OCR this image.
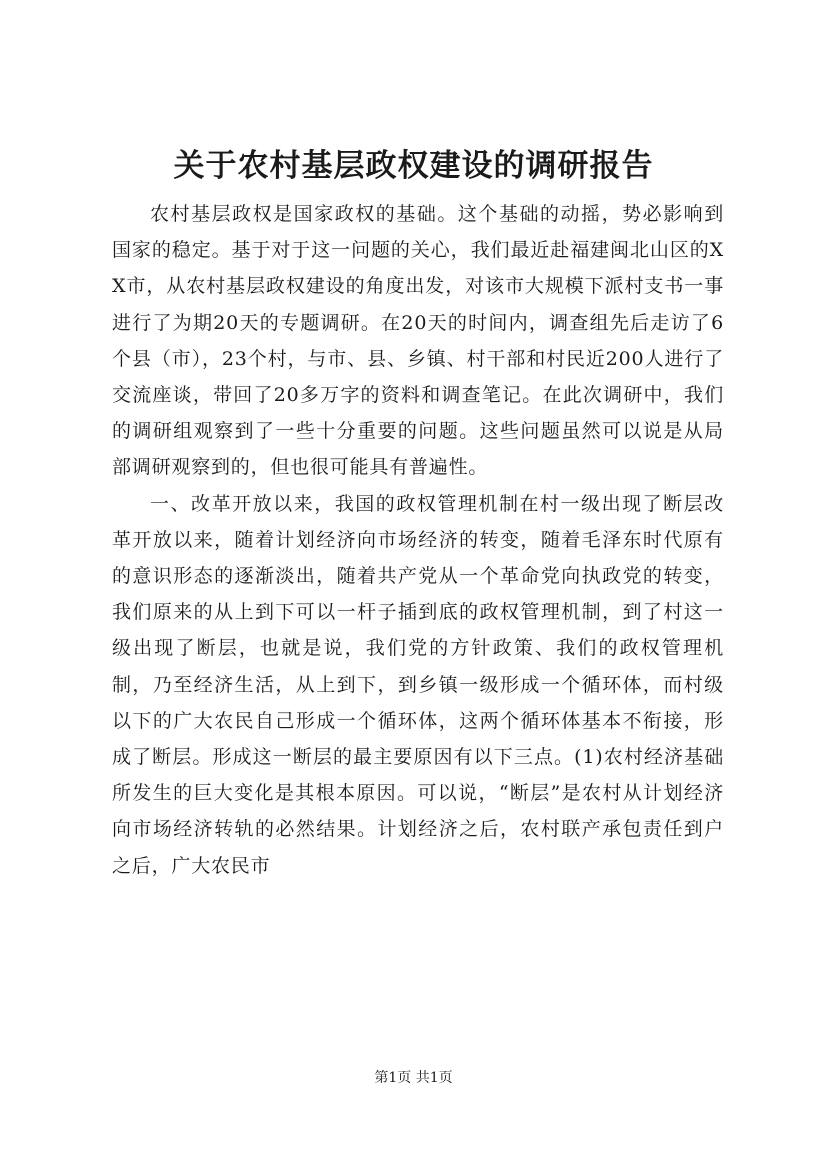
关于农村基层政权建设的调研报告

农村基层政权是国家政权的基础。这个基础的动摇，势必影响到国家的稳定。基于对于这一问题的关心，我们最近赴福建闽北山区的XX市，从农村基层政权建设的角度出发，对该市大规模下派村支书一事进行了为期20天的专题调研。在20天的时间内，调查组先后走访了6个县（市），23个村，与市、县、乡镇、村干部和村民近200人进行了交流座谈，带回了20多万字的资料和调查笔记。在此次调研中，我们的调研组观察到了一些十分重要的问题。这些问题虽然可以说是从局部调研观察到的，但也很可能具有普遍性。

一、改革开放以来，我国的政权管理机制在村一级出现了断层改革开放以来，随着计划经济向市场经济的转变，随着毛泽东时代原有的意识形态的逐渐淡出，随着共产党从一个革命党向执政党的转变，我们原来的从上到下可以一杆子插到底的政权管理机制，到了村这一级出现了断层，也就是说，我们党的方针政策、我们的政权管理机制，乃至经济生活，从上到下，到乡镇一级形成一个循环体，而村级以下的广大农民自己形成一个循环体，这两个循环体基本不衔接，形成了断层。形成这一断层的最主要原因有以下三点。(1)农村经济基础所发生的巨大变化是其根本原因。可以说，“断层”是农村从计划经济向市场经济转轨的必然结果。计划经济之后，农村联产承包责任到户之后，广大农民市

第1页 共1页
